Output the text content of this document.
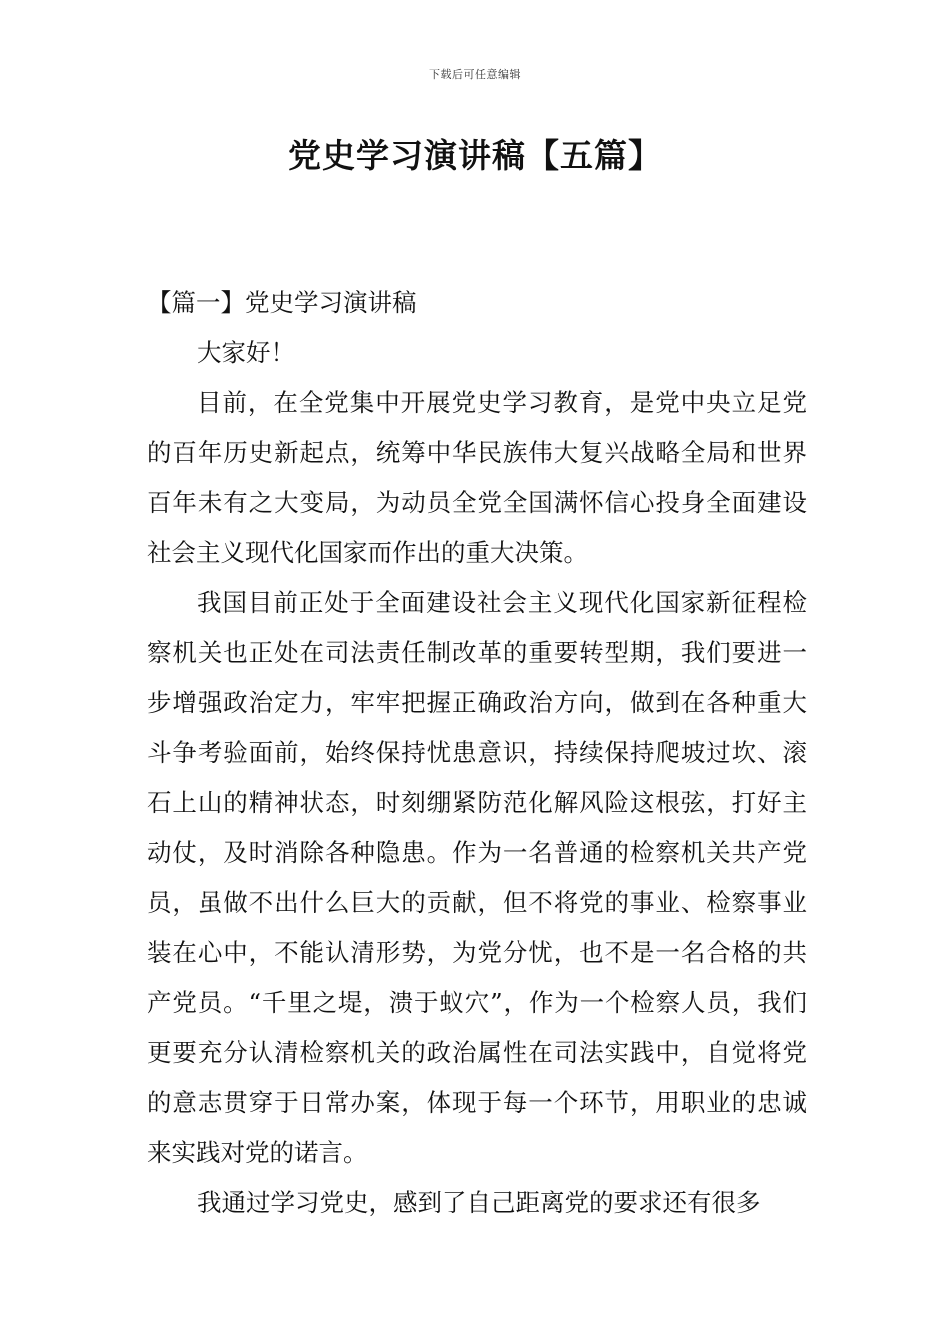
下载后可任意编辑
党史学习演讲稿【五篇】

【篇一】党史学习演讲稿

大家好！

目前，在全党集中开展党史学习教育，是党中央立足党的百年历史新起点，统筹中华民族伟大复兴战略全局和世界百年未有之大变局，为动员全党全国满怀信心投身全面建设社会主义现代化国家而作出的重大决策。

我国目前正处于全面建设社会主义现代化国家新征程检察机关也正处在司法责任制改革的重要转型期，我们要进一步增强政治定力，牢牢把握正确政治方向，做到在各种重大斗争考验面前，始终保持忧患意识，持续保持爬坡过坎、滚石上山的精神状态，时刻绷紧防范化解风险这根弦，打好主动仗，及时消除各种隐患。作为一名普通的检察机关共产党员，虽做不出什么巨大的贡献，但不将党的事业、检察事业装在心中，不能认清形势，为党分忧，也不是一名合格的共产党员。“千里之堤，溃于蚁穴”，作为一个检察人员，我们更要充分认清检察机关的政治属性在司法实践中，自觉将党的意志贯穿于日常办案，体现于每一个环节，用职业的忠诚来实践对党的诺言。

我通过学习党史，感到了自己距离党的要求还有很多
